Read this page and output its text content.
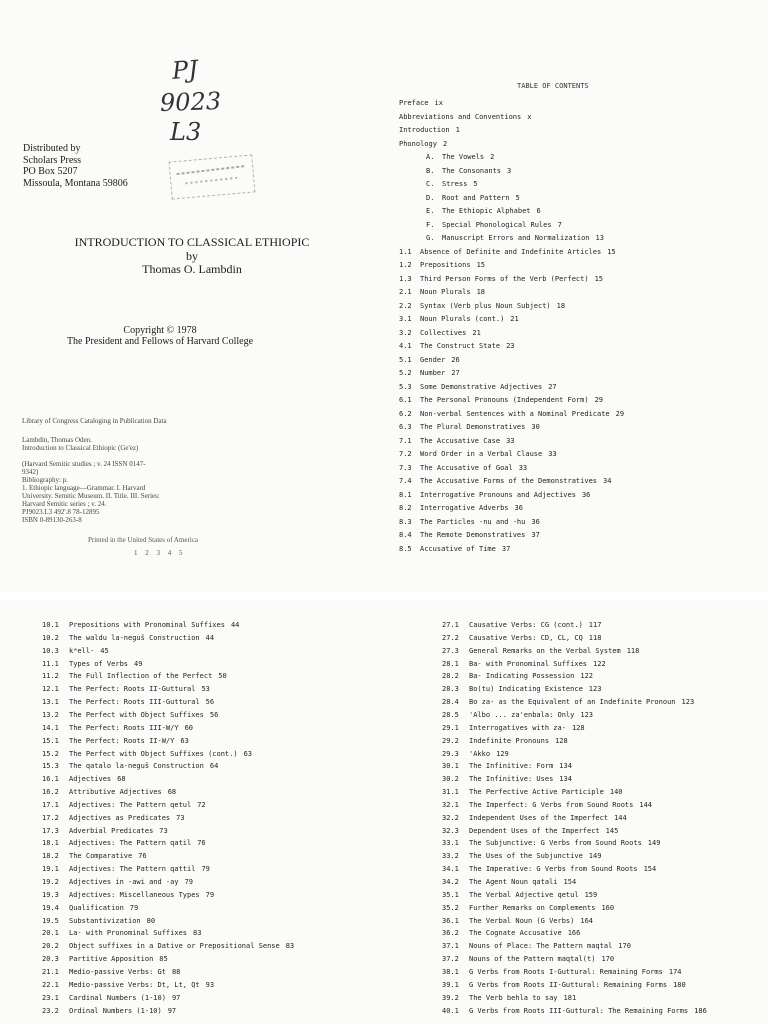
PJ
9023
L3
Distributed by
Scholars Press
PO Box 5207
Missoula, Montana 59806
INTRODUCTION TO CLASSICAL ETHIOPIC
by
Thomas O. Lambdin
Copyright © 1978
The President and Fellows of Harvard College
Library of Congress Cataloging in Publication Data
Lambdin, Thomas Oden.
Introduction to Classical Ethiopic (Ge'ez)

(Harvard Semitic studies ; v. 24 ISSN 0147-
9342)
Bibliography: p.
1. Ethiopic language—Grammar. I. Harvard
University. Semitic Museum. II. Title. III. Series:
Harvard Semitic series ; v. 24.
PJ9023.L3 492'.8 78-12895
ISBN 0-89130-263-8
Printed in the United States of America
1 2 3 4 5
TABLE OF CONTENTS
Preface ix
Abbreviations and Conventions x
Introduction 1
Phonology 2
A. The Vowels 2
B. The Consonants 3
C. Stress 5
D. Root and Pattern 5
E. The Ethiopic Alphabet 6
F. Special Phonological Rules 7
G. Manuscript Errors and Normalization 13
1.1 Absence of Definite and Indefinite Articles 15
1.2 Prepositions 15
1.3 Third Person Forms of the Verb (Perfect) 15
2.1 Noun Plurals 18
2.2 Syntax (Verb plus Noun Subject) 18
3.1 Noun Plurals (cont.) 21
3.2 Collectives 21
4.1 The Construct State 23
5.1 Gender 26
5.2 Number 27
5.3 Some Demonstrative Adjectives 27
6.1 The Personal Pronouns (Independent Form) 29
6.2 Non-verbal Sentences with a Nominal Predicate 29
6.3 The Plural Demonstratives 30
7.1 The Accusative Case 33
7.2 Word Order in a Verbal Clause 33
7.3 The Accusative of Goal 33
7.4 The Accusative Forms of the Demonstratives 34
8.1 Interrogative Pronouns and Adjectives 36
8.2 Interrogative Adverbs 36
8.3 The Particles -nu and -hu 36
8.4 The Remote Demonstratives 37
8.5 Accusative of Time 37
10.1 Prepositions with Pronominal Suffixes 44
10.2 The waldu la-neguš Construction 44
10.3 kʷell- 45
11.1 Types of Verbs 49
11.2 The Full Inflection of the Perfect 50
12.1 The Perfect: Roots II-Guttural 53
13.1 The Perfect: Roots III-Guttural 56
13.2 The Perfect with Object Suffixes 56
14.1 The Perfect: Roots III-W/Y 60
15.1 The Perfect: Roots II-W/Y 63
15.2 The Perfect with Object Suffixes (cont.) 63
15.3 The qatalo la-neguš Construction 64
16.1 Adjectives 68
16.2 Attributive Adjectives 68
17.1 Adjectives: The Pattern qetul 72
17.2 Adjectives as Predicates 73
17.3 Adverbial Predicates 73
18.1 Adjectives: The Pattern qatil 76
18.2 The Comparative 76
19.1 Adjectives: The Pattern qattil 79
19.2 Adjectives in -awi and -ay 79
19.3 Adjectives: Miscellaneous Types 79
19.4 Qualification 79
19.5 Substantivization 80
20.1 La- with Pronominal Suffixes 83
20.2 Object suffixes in a Dative or Prepositional Sense 83
20.3 Partitive Apposition 85
21.1 Medio-passive Verbs: Gt 88
22.1 Medio-passive Verbs: Dt, Lt, Qt 93
23.1 Cardinal Numbers (1-10) 97
23.2 Ordinal Numbers (1-10) 97
27.1 Causative Verbs: CG (cont.) 117
27.2 Causative Verbs: CD, CL, CQ 118
27.3 General Remarks on the Verbal System 118
28.1 Ba- with Pronominal Suffixes 122
28.2 Ba- Indicating Possession 122
28.3 Bo(tu) Indicating Existence 123
28.4 Bo za- as the Equivalent of an Indefinite Pronoun 123
28.5 'Albo ... za'enbala: Only 123
29.1 Interrogatives with za- 128
29.2 Indefinite Pronouns 128
29.3 'Akko 129
30.1 The Infinitive: Form 134
30.2 The Infinitive: Uses 134
31.1 The Perfective Active Participle 140
32.1 The Imperfect: G Verbs from Sound Roots 144
32.2 Independent Uses of the Imperfect 144
32.3 Dependent Uses of the Imperfect 145
33.1 The Subjunctive: G Verbs from Sound Roots 149
33.2 The Uses of the Subjunctive 149
34.1 The Imperative: G Verbs from Sound Roots 154
34.2 The Agent Noun qatali 154
35.1 The Verbal Adjective qetul 159
35.2 Further Remarks on Complements 160
36.1 The Verbal Noun (G Verbs) 164
36.2 The Cognate Accusative 166
37.1 Nouns of Place: The Pattern maqtal 170
37.2 Nouns of the Pattern maqtal(t) 170
38.1 G Verbs from Roots I-Guttural: Remaining Forms 174
39.1 G Verbs from Roots II-Guttural: Remaining Forms 180
39.2 The Verb behla to say 181
40.1 G Verbs from Roots III-Guttural: The Remaining Forms 186
